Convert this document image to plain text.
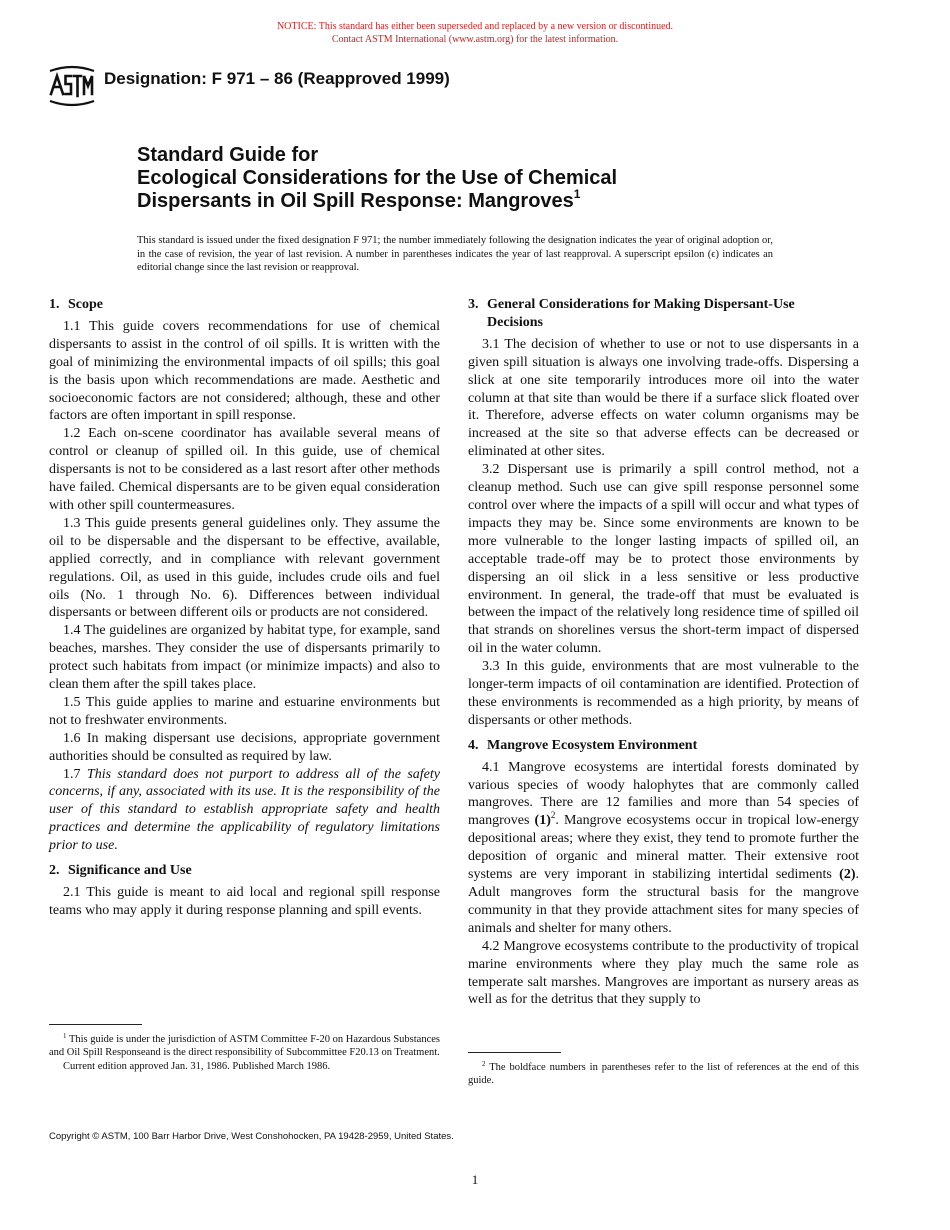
NOTICE: This standard has either been superseded and replaced by a new version or discontinued.
Contact ASTM International (www.astm.org) for the latest information.
Designation: F 971 – 86 (Reapproved 1999)
Standard Guide for
Ecological Considerations for the Use of Chemical
Dispersants in Oil Spill Response: Mangroves$^1$
This standard is issued under the fixed designation F 971; the number immediately following the designation indicates the year of original adoption or, in the case of revision, the year of last revision. A number in parentheses indicates the year of last reapproval. A superscript epsilon (ϵ) indicates an editorial change since the last revision or reapproval.
1. Scope

1.1 This guide covers recommendations for use of chemical dispersants to assist in the control of oil spills. It is written with the goal of minimizing the environmental impacts of oil spills; this goal is the basis upon which recommendations are made. Aesthetic and socioeconomic factors are not considered; although, these and other factors are often important in spill response.

1.2 Each on-scene coordinator has available several means of control or cleanup of spilled oil. In this guide, use of chemical dispersants is not to be considered as a last resort after other methods have failed. Chemical dispersants are to be given equal consideration with other spill countermeasures.

1.3 This guide presents general guidelines only. They assume the oil to be dispersable and the dispersant to be effective, available, applied correctly, and in compliance with relevant government regulations. Oil, as used in this guide, includes crude oils and fuel oils (No. 1 through No. 6). Differences between individual dispersants or between different oils or products are not considered.

1.4 The guidelines are organized by habitat type, for example, sand beaches, marshes. They consider the use of dispersants primarily to protect such habitats from impact (or minimize impacts) and also to clean them after the spill takes place.

1.5 This guide applies to marine and estuarine environments but not to freshwater environments.

1.6 In making dispersant use decisions, appropriate government authorities should be consulted as required by law.

1.7 This standard does not purport to address all of the safety concerns, if any, associated with its use. It is the responsibility of the user of this standard to establish appropriate safety and health practices and determine the applicability of regulatory limitations prior to use.

2. Significance and Use

2.1 This guide is meant to aid local and regional spill response teams who may apply it during response planning and spill events.

3. General Considerations for Making Dispersant-Use
Decisions

3.1 The decision of whether to use or not to use dispersants in a given spill situation is always one involving trade-offs. Dispersing a slick at one site temporarily introduces more oil into the water column at that site than would be there if a surface slick floated over it. Therefore, adverse effects on water column organisms may be increased at the site so that adverse effects can be decreased or eliminated at other sites.

3.2 Dispersant use is primarily a spill control method, not a cleanup method. Such use can give spill response personnel some control over where the impacts of a spill will occur and what types of impacts they may be. Since some environments are known to be more vulnerable to the longer lasting impacts of spilled oil, an acceptable trade-off may be to protect those environments by dispersing an oil slick in a less sensitive or less productive environment. In general, the trade-off that must be evaluated is between the impact of the relatively long residence time of spilled oil that strands on shorelines versus the short-term impact of dispersed oil in the water column.

3.3 In this guide, environments that are most vulnerable to the longer-term impacts of oil contamination are identified. Protection of these environments is recommended as a high priority, by means of dispersants or other methods.

4. Mangrove Ecosystem Environment

4.1 Mangrove ecosystems are intertidal forests dominated by various species of woody halophytes that are commonly called mangroves. There are 12 families and more than 54 species of mangroves (1)$^2$. Mangrove ecosystems occur in tropical low-energy depositional areas; where they exist, they tend to promote further the deposition of organic and mineral matter. Their extensive root systems are very imporant in stabilizing intertidal sediments (2). Adult mangroves form the structural basis for the mangrove community in that they provide attachment sites for many species of animals and shelter for many others.

4.2 Mangrove ecosystems contribute to the productivity of tropical marine environments where they play much the same role as temperate salt marshes. Mangroves are important as nursery areas as well as for the detritus that they supply to

$^1$ This guide is under the jurisdiction of ASTM Committee F-20 on Hazardous Substances and Oil Spill Responseand is the direct responsibility of Subcommittee F20.13 on Treatment.

Current edition approved Jan. 31, 1986. Published March 1986.	$^2$ The boldface numbers in parentheses refer to the list of references at the end of this guide.

Copyright © ASTM, 100 Barr Harbor Drive, West Conshohocken, PA 19428-2959, United States.
1
